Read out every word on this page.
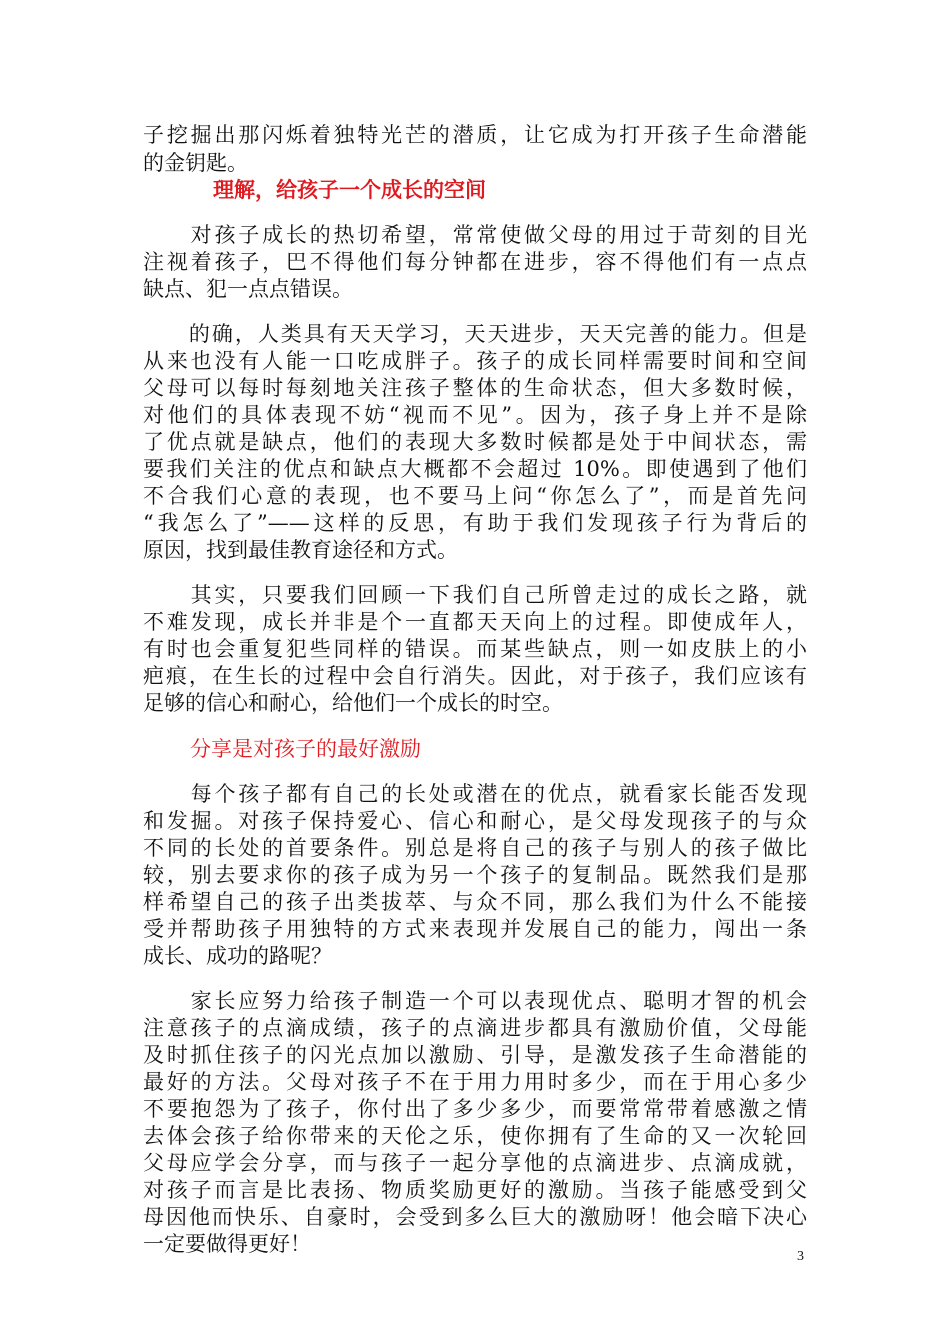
子挖掘出那闪烁着独特光芒的潜质，让它成为打开孩子生命潜能
的金钥匙。
理解，给孩子一个成长的空间
　　对孩子成长的热切希望，常常使做父母的用过于苛刻的目光
注视着孩子，巴不得他们每分钟都在进步，容不得他们有一点点
缺点、犯一点点错误。
　　的确，人类具有天天学习，天天进步，天天完善的能力。但是
从来也没有人能一口吃成胖子。孩子的成长同样需要时间和空间
父母可以每时每刻地关注孩子整体的生命状态，但大多数时候，
对他们的具体表现不妨“视而不见”。因为，孩子身上并不是除
了优点就是缺点，他们的表现大多数时候都是处于中间状态，需
要我们关注的优点和缺点大概都不会超过 10%。即使遇到了他们
不合我们心意的表现，也不要马上问“你怎么了”，而是首先问
“我怎么了”——这样的反思，有助于我们发现孩子行为背后的
原因，找到最佳教育途径和方式。
　　其实，只要我们回顾一下我们自己所曾走过的成长之路，就
不难发现，成长并非是个一直都天天向上的过程。即使成年人，
有时也会重复犯些同样的错误。而某些缺点，则一如皮肤上的小
疤痕，在生长的过程中会自行消失。因此，对于孩子，我们应该有
足够的信心和耐心，给他们一个成长的时空。
分享是对孩子的最好激励
　　每个孩子都有自己的长处或潜在的优点，就看家长能否发现
和发掘。对孩子保持爱心、信心和耐心，是父母发现孩子的与众
不同的长处的首要条件。别总是将自己的孩子与别人的孩子做比
较，别去要求你的孩子成为另一个孩子的复制品。既然我们是那
样希望自己的孩子出类拔萃、与众不同，那么我们为什么不能接
受并帮助孩子用独特的方式来表现并发展自己的能力，闯出一条
成长、成功的路呢？
　　家长应努力给孩子制造一个可以表现优点、聪明才智的机会
注意孩子的点滴成绩，孩子的点滴进步都具有激励价值，父母能
及时抓住孩子的闪光点加以激励、引导，是激发孩子生命潜能的
最好的方法。父母对孩子不在于用力用时多少，而在于用心多少
不要抱怨为了孩子，你付出了多少多少，而要常常带着感激之情
去体会孩子给你带来的天伦之乐，使你拥有了生命的又一次轮回
父母应学会分享，而与孩子一起分享他的点滴进步、点滴成就，
对孩子而言是比表扬、物质奖励更好的激励。当孩子能感受到父
母因他而快乐、自豪时，会受到多么巨大的激励呀！他会暗下决心
一定要做得更好！
3
